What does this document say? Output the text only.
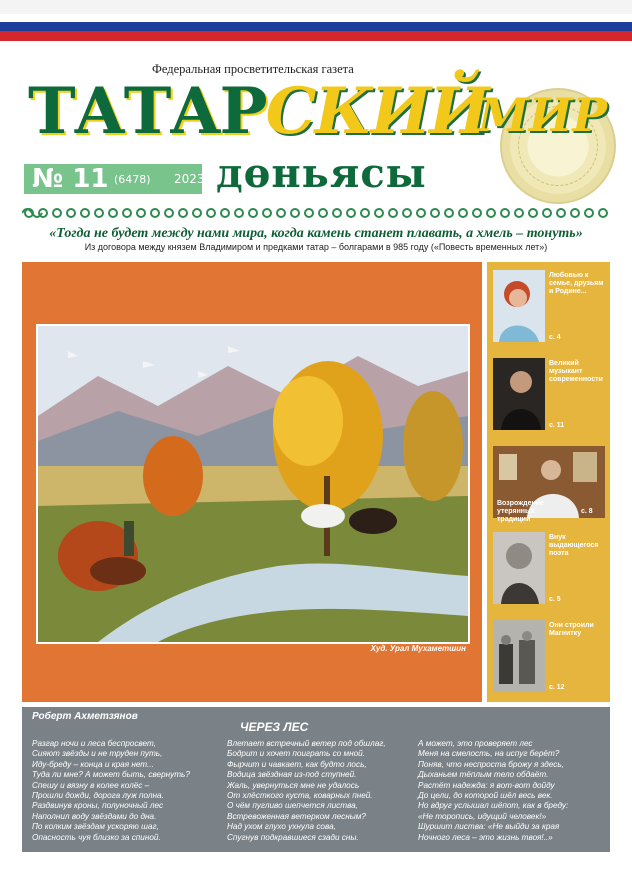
Федеральная просветительская газета
ТАТАРСКИЙ
МИР
№ 11 (6478) 2023 дөньясы
«Тогда не будет между нами мира, когда камень станет плавать, а хмель – тонуть»
Из договора между князем Владимиром и предками татар – болгарами в 985 году («Повесть временных лет»)
Худ. Урал Мухаметшин
Любовью к семье, друзьям и Родине...
с. 4
Великий музыкант современности
с. 11
Возрождение утерянных традиций
с. 8
Внук выдающегося поэта
с. 5
Они строили Магнитку
с. 12
Роберт Ахметзянов
ЧЕРЕЗ ЛЕС
Разгар ночи и леса беспросвет,
Сияют звёзды и не труден путь,
Иду-бреду – конца и края нет...
Туда ли мне? А может быть, свернуть?
Спешу и вязну в колее колёс –
Прошли дожди, дорога луж полна.
Раздвинув кроны, полуночный лес
Наполнил воду звёздами до дна.
По колким звёздам ускоряю шаг,
Опасность чуя близко за спиной.
Влетает встречный ветер под обшлаг,
Бодрит и хочет поиграть со мной.
Фырчит и чавкает, как будто лось,
Водица звёздная из-под ступней.
Жаль, увернуться мне не удалось
От хлёсткого куста, коварных пней.
О чём пугливо шепчется листва,
Встревоженная ветерком лесным?
Над ухом глухо ухнула сова,
Спугнув подкравшиеся сзади сны.
А может, это проверяет лес
Меня на смелость, на испуг берёт?
Поняв, что неспроста брожу я здесь,
Дыханьем тёплым тело обдаёт.
Растёт надежда: я вот-вот дойду
До цели, до которой шёл весь век.
Но вдруг услышал шёпот, как в бреду:
«Не торопись, идущий человек!»
Шуршит листва: «Не выйди за края
Ночного леса – это жизнь твоя!..»
